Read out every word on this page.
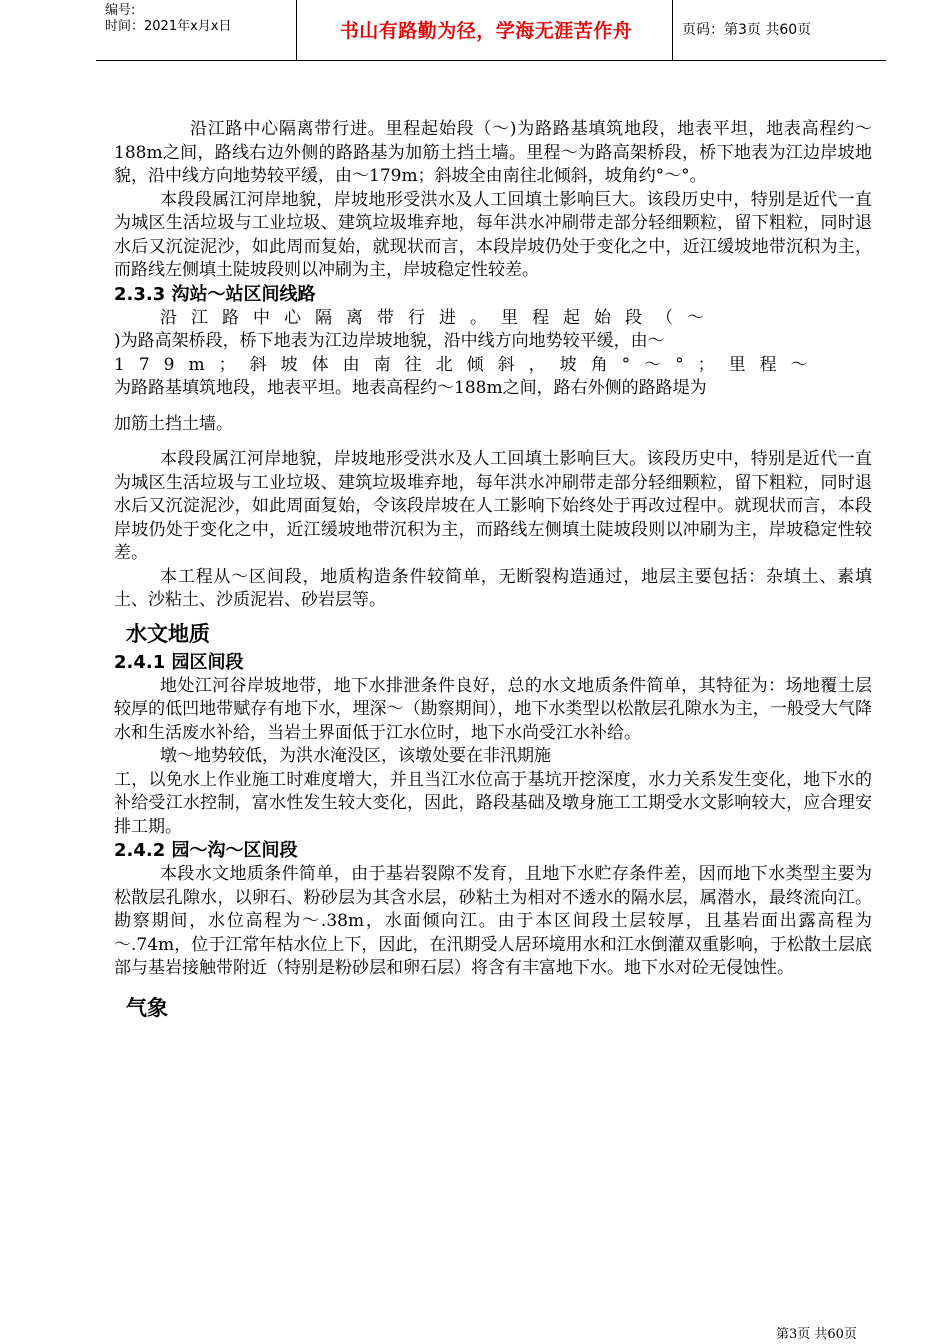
编号:
时间：2021年x月x日	书山有路勤为径，学海无涯苦作舟	页码：第3页 共60页

沿江路中心隔离带行进。里程起始段（～)为路路基填筑地段，地表平坦，地表高程约～188m之间，路线右边外侧的路路基为加筋土挡土墙。里程～为路高架桥段，桥下地表为江边岸坡地貌，沿中线方向地势较平缓，由～179m；斜坡全由南往北倾斜，坡角约°～°。

本段段属江河岸地貌，岸坡地形受洪水及人工回填土影响巨大。该段历史中，特别是近代一直为城区生活垃圾与工业垃圾、建筑垃圾堆弃地，每年洪水冲刷带走部分轻细颗粒，留下粗粒，同时退水后又沉淀泥沙，如此周而复始，就现状而言，本段岸坡仍处于变化之中，近江缓坡地带沉积为主，而路线左侧填土陡坡段则以冲刷为主，岸坡稳定性较差。

2.3.3 沟站～站区间线路

沿江路中心隔离带行进。里程起始段（～

)为路高架桥段，桥下地表为江边岸坡地貌，沿中线方向地势较平缓，由～

179m；斜坡体由南往北倾斜，坡角°～°；里程～

为路路基填筑地段，地表平坦。地表高程约～188m之间，路右外侧的路路堤为

加筋土挡土墙。

本段段属江河岸地貌，岸坡地形受洪水及人工回填土影响巨大。该段历史中，特别是近代一直为城区生活垃圾与工业垃圾、建筑垃圾堆弃地，每年洪水冲刷带走部分轻细颗粒，留下粗粒，同时退水后又沉淀泥沙，如此周面复始，令该段岸坡在人工影响下始终处于再改过程中。就现状而言，本段岸坡仍处于变化之中，近江缓坡地带沉积为主，而路线左侧填土陡坡段则以冲刷为主，岸坡稳定性较差。

本工程从～区间段，地质构造条件较简单，无断裂构造通过，地层主要包括：杂填土、素填土、沙粘土、沙质泥岩、砂岩层等。

水文地质
2.4.1 园区间段

地处江河谷岸坡地带，地下水排泄条件良好，总的水文地质条件简单，其特征为：场地覆土层较厚的低凹地带赋存有地下水，埋深～（勘察期间），地下水类型以松散层孔隙水为主，一般受大气降水和生活废水补给，当岩土界面低于江水位时，地下水尚受江水补给。

墩～地势较低，为洪水淹没区，该墩处要在非汛期施

工，以免水上作业施工时难度增大，并且当江水位高于基坑开挖深度，水力关系发生变化，地下水的补给受江水控制，富水性发生较大变化，因此，路段基础及墩身施工工期受水文影响较大，应合理安排工期。

2.4.2 园～沟～区间段

本段水文地质条件简单，由于基岩裂隙不发育，且地下水贮存条件差，因而地下水类型主要为松散层孔隙水，以卵石、粉砂层为其含水层，砂粘土为相对不透水的隔水层，属潜水，最终流向江。勘察期间，水位高程为～.38m，水面倾向江。由于本区间段土层较厚，且基岩面出露高程为～.74m，位于江常年枯水位上下，因此，在汛期受人居环境用水和江水倒灌双重影响，于松散土层底部与基岩接触带附近（特别是粉砂层和卵石层）将含有丰富地下水。地下水对砼无侵蚀性。

气象
第3页 共60页
